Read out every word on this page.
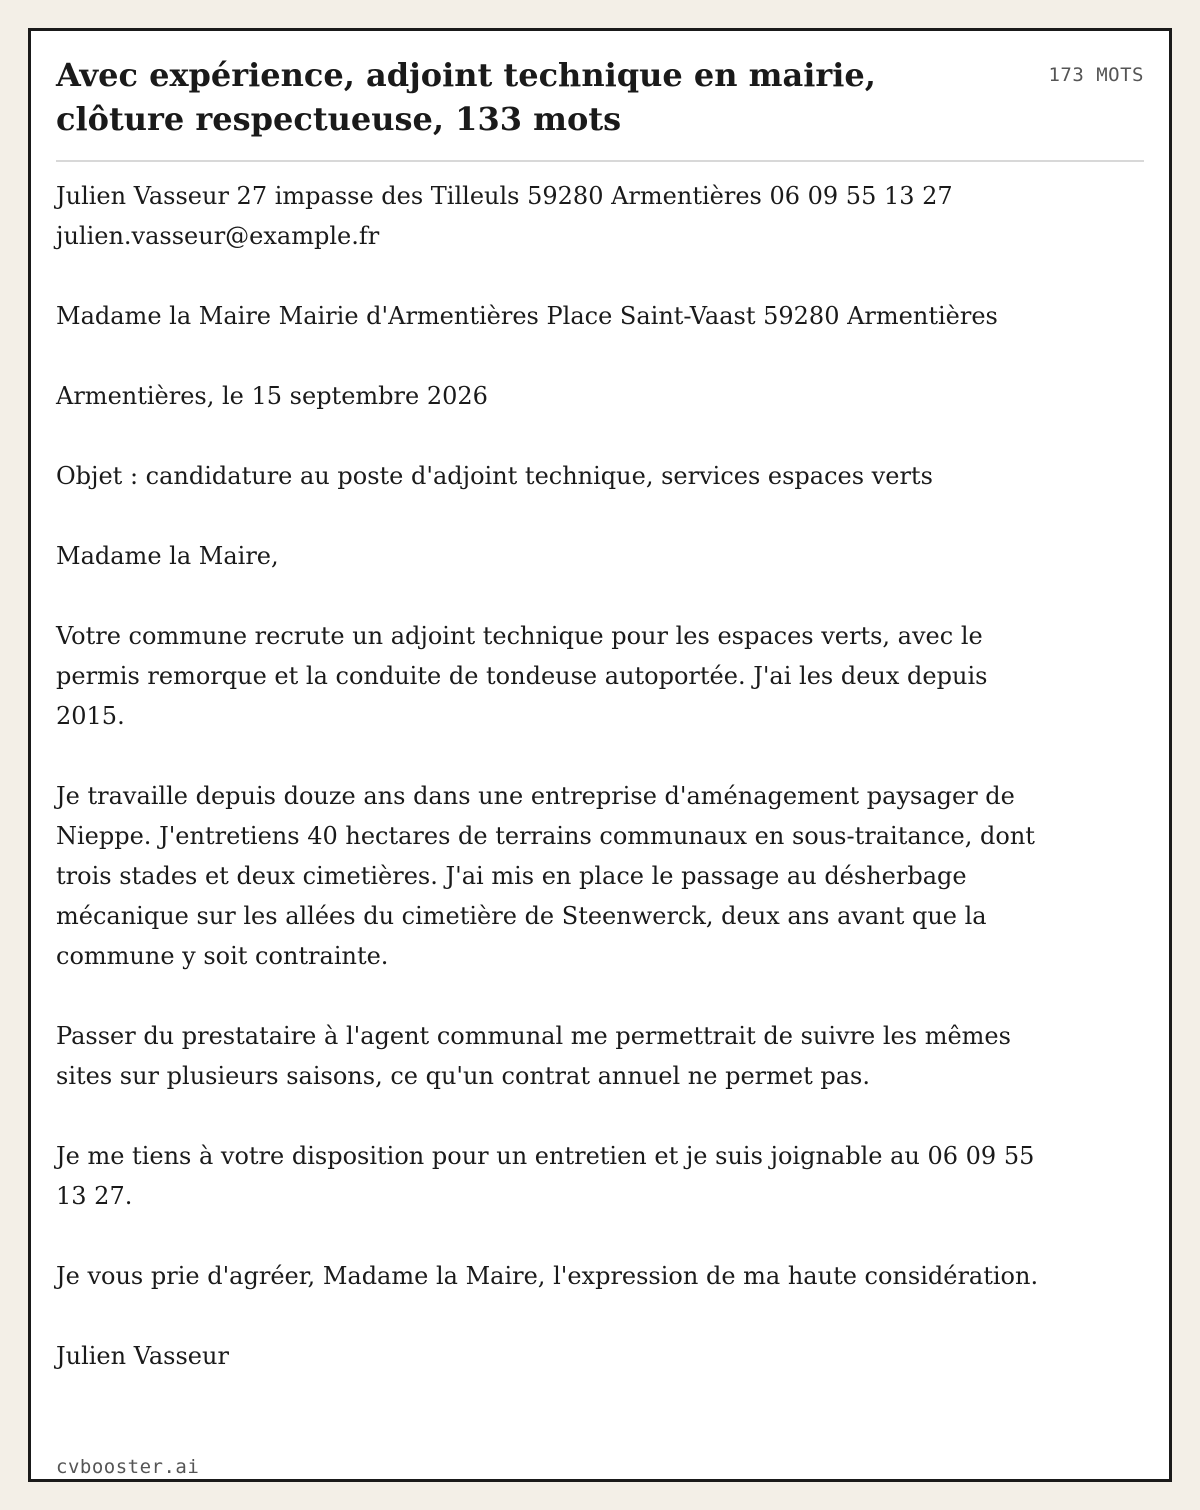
Avec expérience, adjoint technique en mairie, clôture respectueuse, 133 mots
173 MOTS

Julien Vasseur 27 impasse des Tilleuls 59280 Armentières 06 09 55 13 27 julien.vasseur@example.fr

Madame la Maire Mairie d'Armentières Place Saint-Vaast 59280 Armentières

Armentières, le 15 septembre 2026

Objet : candidature au poste d'adjoint technique, services espaces verts

Madame la Maire,

Votre commune recrute un adjoint technique pour les espaces verts, avec le permis remorque et la conduite de tondeuse autoportée. J'ai les deux depuis 2015.

Je travaille depuis douze ans dans une entreprise d'aménagement paysager de Nieppe. J'entretiens 40 hectares de terrains communaux en sous-traitance, dont trois stades et deux cimetières. J'ai mis en place le passage au désherbage mécanique sur les allées du cimetière de Steenwerck, deux ans avant que la commune y soit contrainte.

Passer du prestataire à l'agent communal me permettrait de suivre les mêmes sites sur plusieurs saisons, ce qu'un contrat annuel ne permet pas.

Je me tiens à votre disposition pour un entretien et je suis joignable au 06 09 55 13 27.

Je vous prie d'agréer, Madame la Maire, l'expression de ma haute considération.

Julien Vasseur

cvbooster.ai
